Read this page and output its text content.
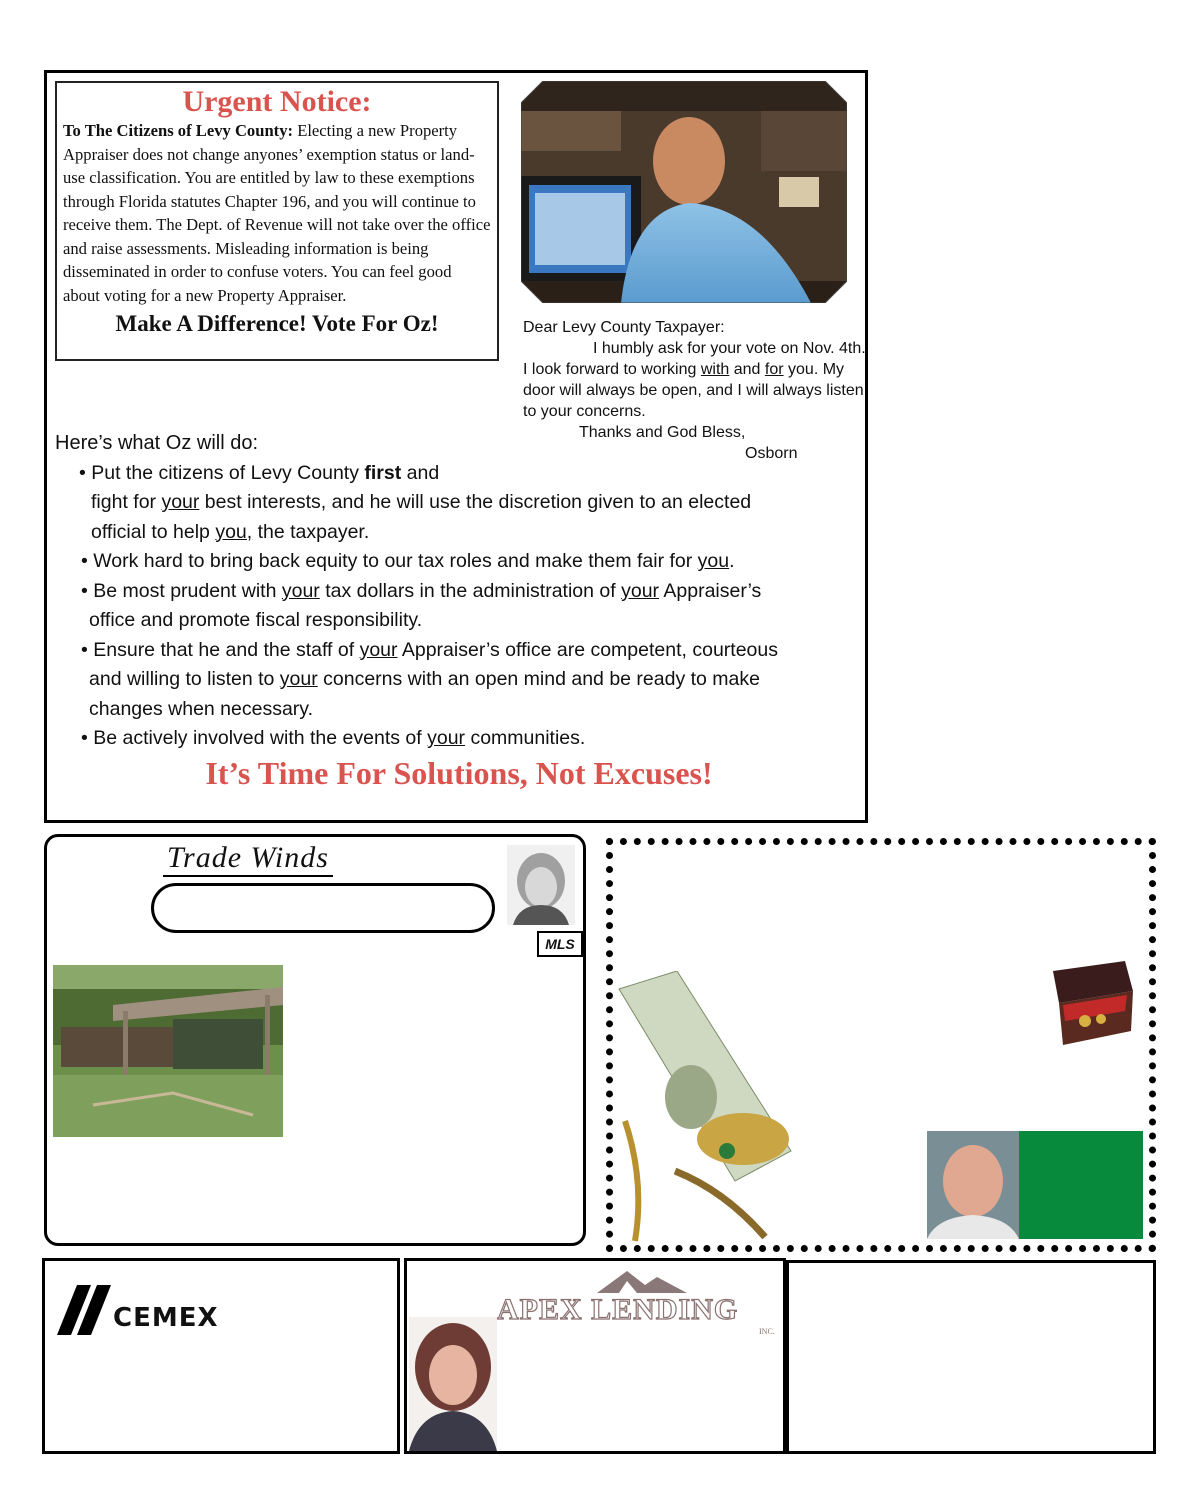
Urgent Notice:

To The Citizens of Levy County: Electing a new Property Appraiser does not change anyones’ exemption status or land-use classification. You are entitled by law to these exemptions through Florida statutes Chapter 196, and you will continue to receive them. The Dept. of Revenue will not take over the office and raise assessments. Misleading information is being disseminated in order to confuse voters. You can feel good about voting for a new Property Appraiser.

Make A Difference! Vote For Oz!	Dear Levy County Taxpayer:

I humbly ask for your vote on Nov. 4th. I look forward to working with and for you. My door will always be open, and I will always listen to your concerns.

Thanks and God Bless,

Osborn

Here’s what Oz will do:

• Put the citizens of Levy County first and

fight for your best interests, and he will use the discretion given to an elected

official to help you, the taxpayer.

• Work hard to bring back equity to our tax roles and make them fair for you.

• Be most prudent with your tax dollars in the administration of your Appraiser’s

office and promote fiscal responsibility.

• Ensure that he and the staff of your Appraiser’s office are competent, courteous

and willing to listen to your concerns with an open mind and be ready to make

changes when necessary.

• Be actively involved with the events of your communities.

It’s Time For Solutions, Not Excuses!
Trade Winds
MLS
CEMEX	APEX LENDING
INC.
